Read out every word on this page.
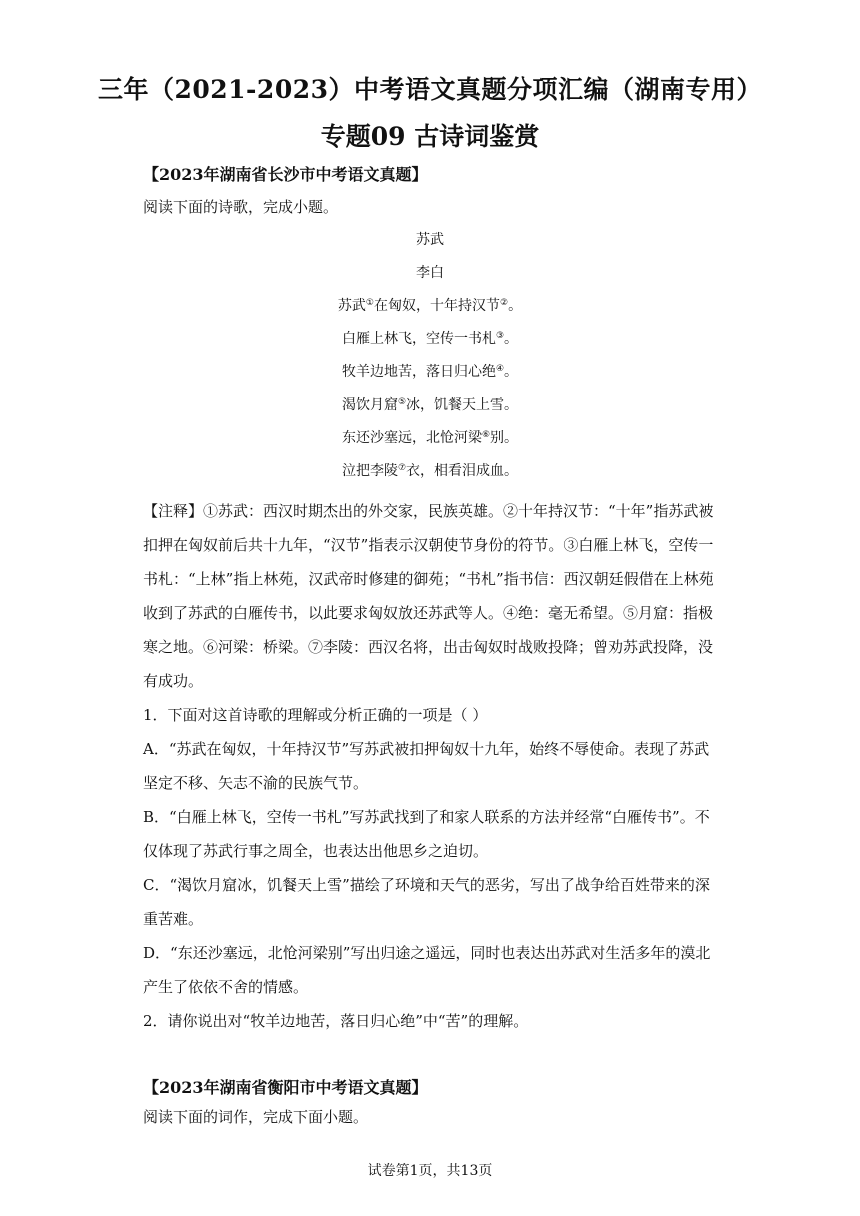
三年（2021-2023）中考语文真题分项汇编（湖南专用）
专题09 古诗词鉴赏
【2023年湖南省长沙市中考语文真题】
阅读下面的诗歌，完成小题。
苏武
李白
苏武①在匈奴，十年持汉节②。
白雁上林飞，空传一书札③。
牧羊边地苦，落日归心绝④。
渴饮月窟⑤冰，饥餐天上雪。
东还沙塞远，北怆河梁⑥别。
泣把李陵⑦衣，相看泪成血。
【注释】①苏武：西汉时期杰出的外交家，民族英雄。②十年持汉节：“十年”指苏武被
扣押在匈奴前后共十九年，“汉节”指表示汉朝使节身份的符节。③白雁上林飞，空传一
书札：“上林”指上林苑，汉武帝时修建的御苑；“书札”指书信：西汉朝廷假借在上林苑
收到了苏武的白雁传书，以此要求匈奴放还苏武等人。④绝：毫无希望。⑤月窟：指极
寒之地。⑥河梁：桥梁。⑦李陵：西汉名将，出击匈奴时战败投降；曾劝苏武投降，没
有成功。
1．下面对这首诗歌的理解或分析正确的一项是（ ）
A．“苏武在匈奴，十年持汉节”写苏武被扣押匈奴十九年，始终不辱使命。表现了苏武
坚定不移、矢志不渝的民族气节。
B．“白雁上林飞，空传一书札”写苏武找到了和家人联系的方法并经常“白雁传书”。不
仅体现了苏武行事之周全，也表达出他思乡之迫切。
C．“渴饮月窟冰，饥餐天上雪”描绘了环境和天气的恶劣，写出了战争给百姓带来的深
重苦难。
D．“东还沙塞远，北怆河梁别”写出归途之遥远，同时也表达出苏武对生活多年的漠北
产生了依依不舍的情感。
2．请你说出对“牧羊边地苦，落日归心绝”中“苦”的理解。
【2023年湖南省衡阳市中考语文真题】
阅读下面的词作，完成下面小题。
试卷第1页，共13页
